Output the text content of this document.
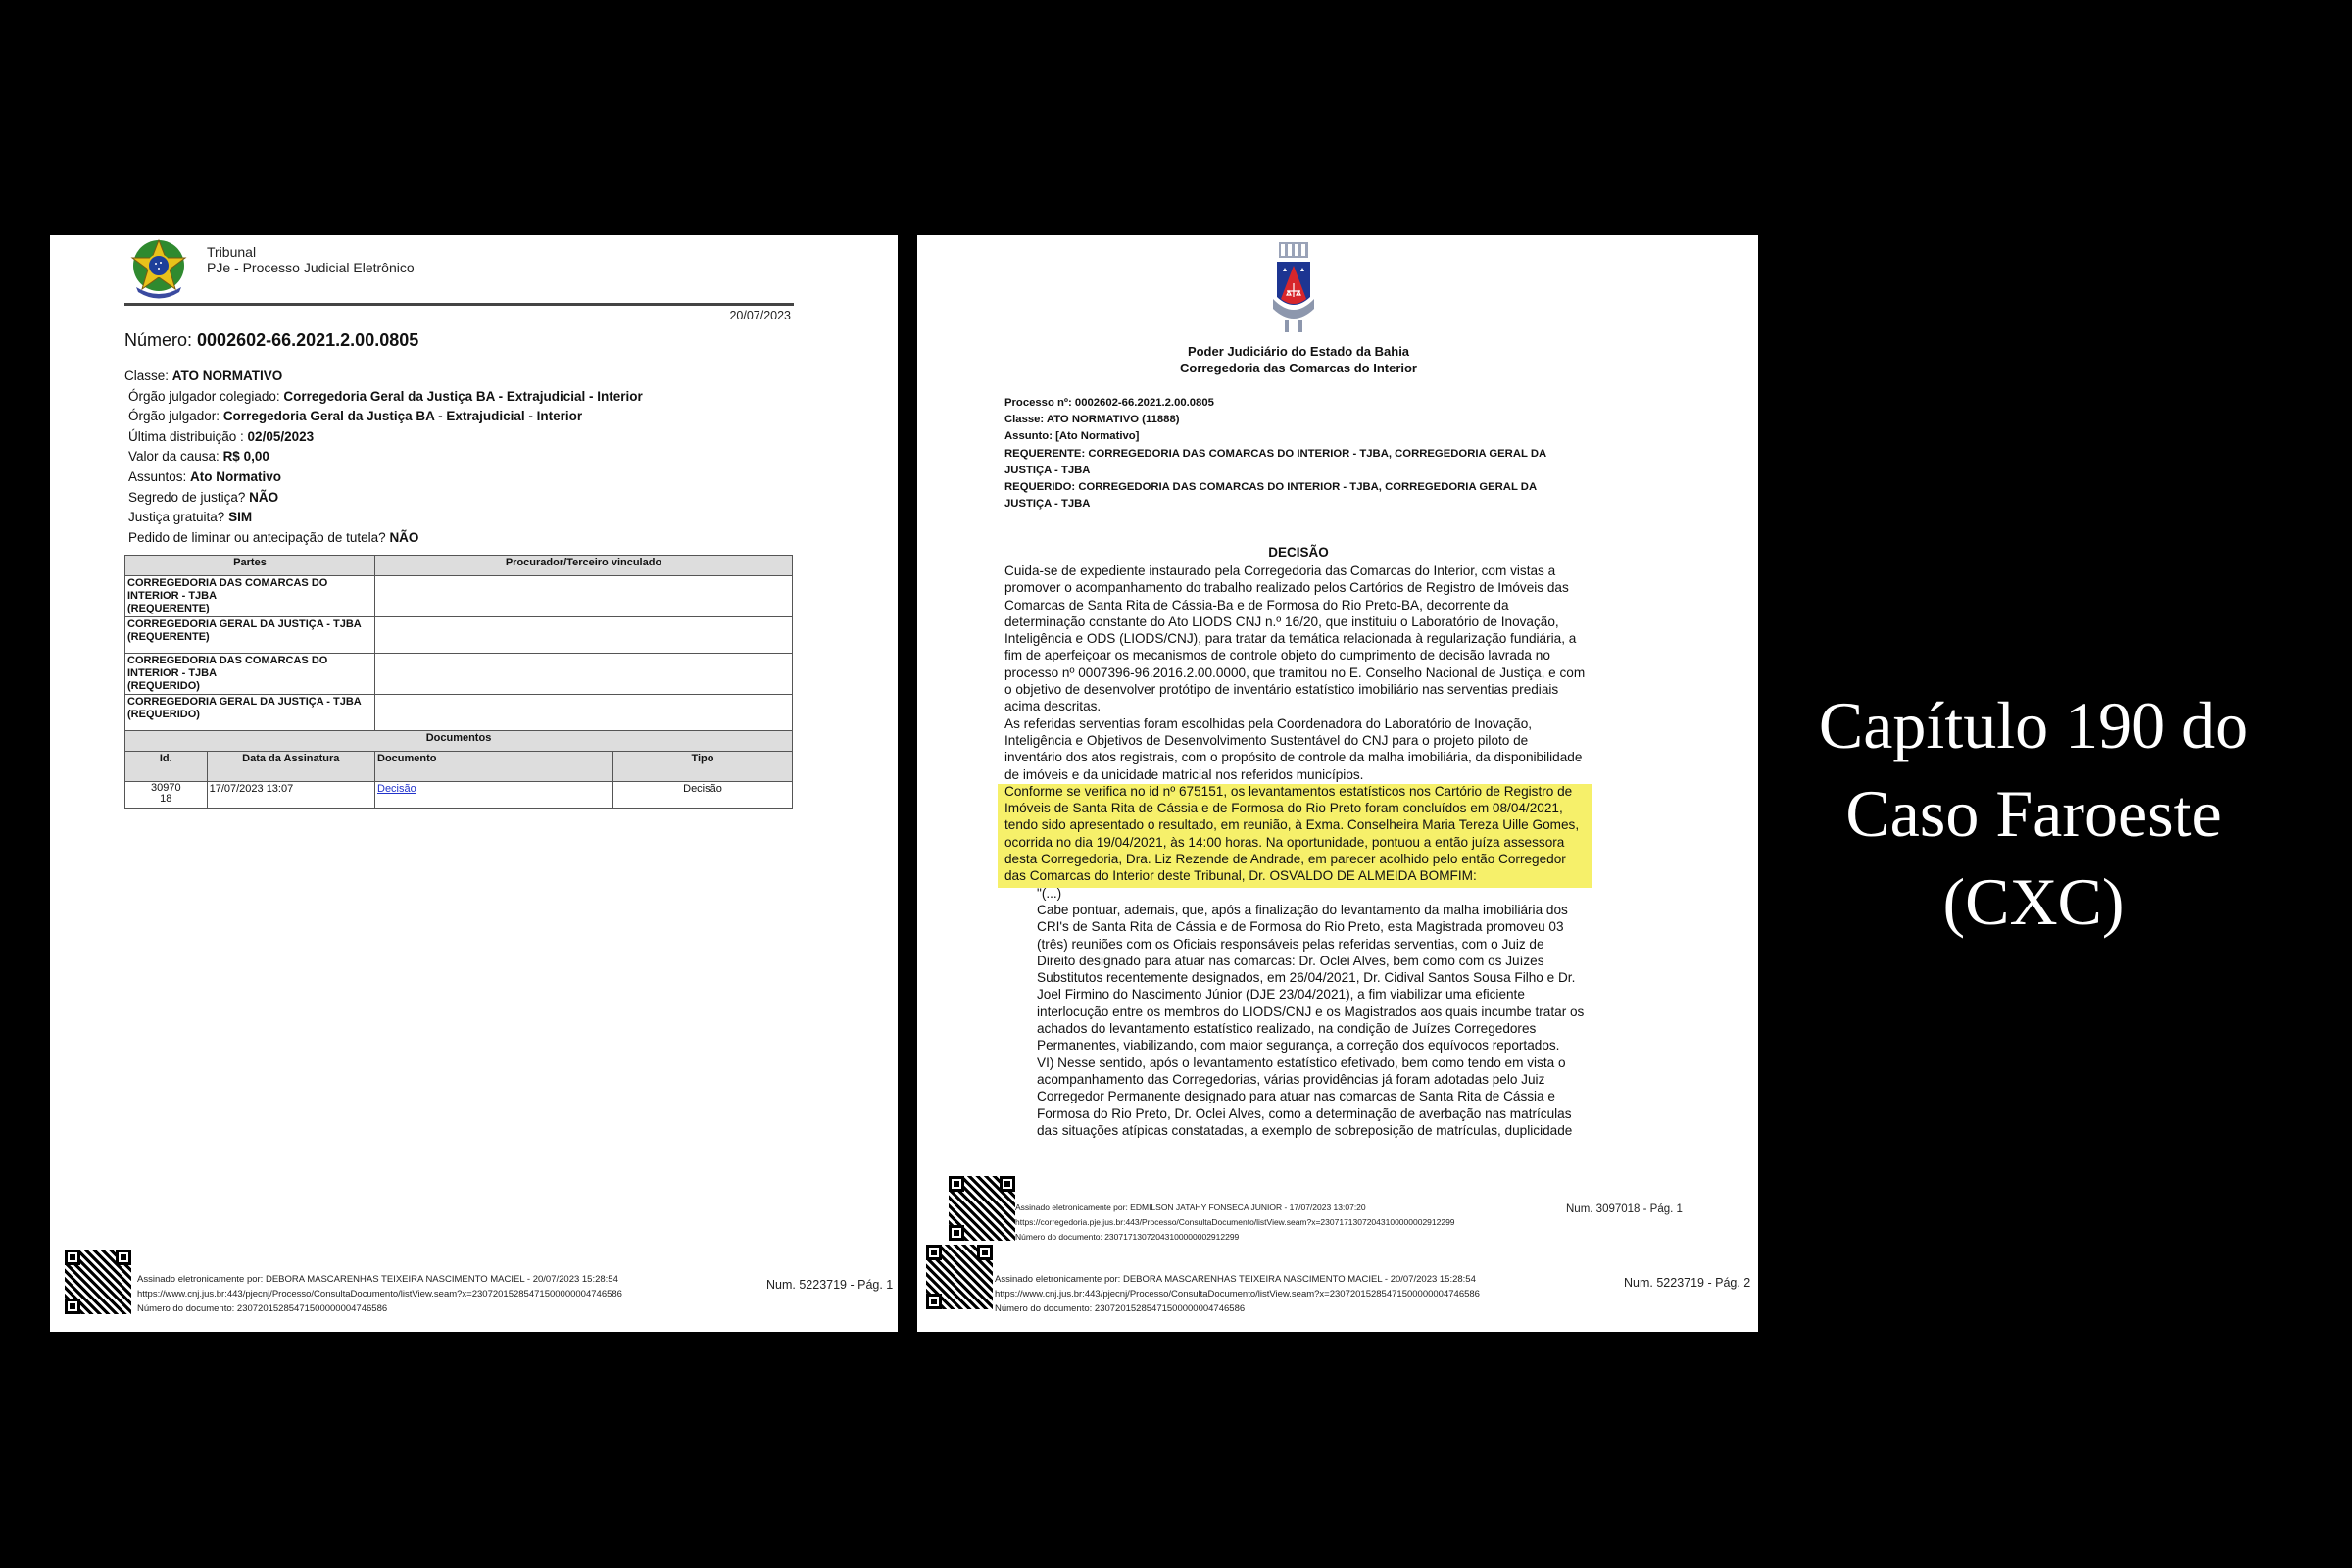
Tribunal
PJe - Processo Judicial Eletrônico
20/07/2023
Número: 0002602-66.2021.2.00.0805
Classe: ATO NORMATIVO
Órgão julgador colegiado: Corregedoria Geral da Justiça BA - Extrajudicial - Interior
Órgão julgador: Corregedoria Geral da Justiça BA - Extrajudicial - Interior
Última distribuição : 02/05/2023
Valor da causa: R$ 0,00
Assuntos: Ato Normativo
Segredo de justiça? NÃO
Justiça gratuita? SIM
Pedido de liminar ou antecipação de tutela? NÃO
Partes		Procurador/Terceiro vinculado	

CORREGEDORIA DAS COMARCAS DO INTERIOR - TJBA
(REQUERENTE)			

CORREGEDORIA GERAL DA JUSTIÇA - TJBA
(REQUERENTE)			

CORREGEDORIA DAS COMARCAS DO INTERIOR - TJBA
(REQUERIDO)			

CORREGEDORIA GERAL DA JUSTIÇA - TJBA
(REQUERIDO)			

Documentos			
Id.	Data da Assinatura	Documento	Tipo

30970
18	17/07/2023 13:07	Decisão	Decisão
Assinado eletronicamente por: DEBORA MASCARENHAS TEIXEIRA NASCIMENTO MACIEL - 20/07/2023 15:28:54
https://www.cnj.jus.br:443/pjecnj/Processo/ConsultaDocumento/listView.seam?x=23072015285471500000004746586
Número do documento: 23072015285471500000004746586
Num. 5223719 - Pág. 1
Poder Judiciário do Estado da Bahia
Corregedoria das Comarcas do Interior
Processo nº: 0002602-66.2021.2.00.0805
Classe: ATO NORMATIVO (11888)
Assunto: [Ato Normativo]
REQUERENTE: CORREGEDORIA DAS COMARCAS DO INTERIOR - TJBA, CORREGEDORIA GERAL DA
JUSTIÇA - TJBA
REQUERIDO: CORREGEDORIA DAS COMARCAS DO INTERIOR - TJBA, CORREGEDORIA GERAL DA
JUSTIÇA - TJBA
DECISÃO
Cuida-se de expediente instaurado pela Corregedoria das Comarcas do Interior, com vistas a
promover o acompanhamento do trabalho realizado pelos Cartórios de Registro de Imóveis das
Comarcas de Santa Rita de Cássia-Ba e de Formosa do Rio Preto-BA, decorrente da
determinação constante do Ato LIODS CNJ n.º 16/20, que instituiu o Laboratório de Inovação,
Inteligência e ODS (LIODS/CNJ), para tratar da temática relacionada à regularização fundiária, a
fim de aperfeiçoar os mecanismos de controle objeto do cumprimento de decisão lavrada no
processo nº 0007396-96.2016.2.00.0000, que tramitou no E. Conselho Nacional de Justiça, e com
o objetivo de desenvolver protótipo de inventário estatístico imobiliário nas serventias prediais
acima descritas.
As referidas serventias foram escolhidas pela Coordenadora do Laboratório de Inovação,
Inteligência e Objetivos de Desenvolvimento Sustentável do CNJ para o projeto piloto de
inventário dos atos registrais, com o propósito de controle da malha imobiliária, da disponibilidade
de imóveis e da unicidade matricial nos referidos municípios.
Conforme se verifica no id nº 675151, os levantamentos estatísticos nos Cartório de Registro de
Imóveis de Santa Rita de Cássia e de Formosa do Rio Preto foram concluídos em 08/04/2021,
tendo sido apresentado o resultado, em reunião, à Exma. Conselheira Maria Tereza Uille Gomes,
ocorrida no dia 19/04/2021, às 14:00 horas. Na oportunidade, pontuou a então juíza assessora
desta Corregedoria, Dra. Liz Rezende de Andrade, em parecer acolhido pelo então Corregedor
das Comarcas do Interior deste Tribunal, Dr. OSVALDO DE ALMEIDA BOMFIM:
"(...)
Cabe pontuar, ademais, que, após a finalização do levantamento da malha imobiliária dos
CRI's de Santa Rita de Cássia e de Formosa do Rio Preto, esta Magistrada promoveu 03
(três) reuniões com os Oficiais responsáveis pelas referidas serventias, com o Juiz de
Direito designado para atuar nas comarcas: Dr. Oclei Alves, bem como com os Juízes
Substitutos recentemente designados, em 26/04/2021, Dr. Cidival Santos Sousa Filho e Dr.
Joel Firmino do Nascimento Júnior (DJE 23/04/2021), a fim viabilizar uma eficiente
interlocução entre os membros do LIODS/CNJ e os Magistrados aos quais incumbe tratar os
achados do levantamento estatístico realizado, na condição de Juízes Corregedores
Permanentes, viabilizando, com maior segurança, a correção dos equívocos reportados.
VI) Nesse sentido, após o levantamento estatístico efetivado, bem como tendo em vista o
acompanhamento das Corregedorias, várias providências já foram adotadas pelo Juiz
Corregedor Permanente designado para atuar nas comarcas de Santa Rita de Cássia e
Formosa do Rio Preto, Dr. Oclei Alves, como a determinação de averbação nas matrículas
das situações atípicas constatadas, a exemplo de sobreposição de matrículas, duplicidade
Assinado eletronicamente por: EDMILSON JATAHY FONSECA JUNIOR - 17/07/2023 13:07:20
https://corregedoria.pje.jus.br:443/Processo/ConsultaDocumento/listView.seam?x=23071713072043100000002912299
Número do documento: 23071713072043100000002912299
Num. 3097018 - Pág. 1
Assinado eletronicamente por: DEBORA MASCARENHAS TEIXEIRA NASCIMENTO MACIEL - 20/07/2023 15:28:54
https://www.cnj.jus.br:443/pjecnj/Processo/ConsultaDocumento/listView.seam?x=23072015285471500000004746586
Número do documento: 23072015285471500000004746586
Num. 5223719 - Pág. 2
Capítulo 190 do
Caso Faroeste
(CXC)
